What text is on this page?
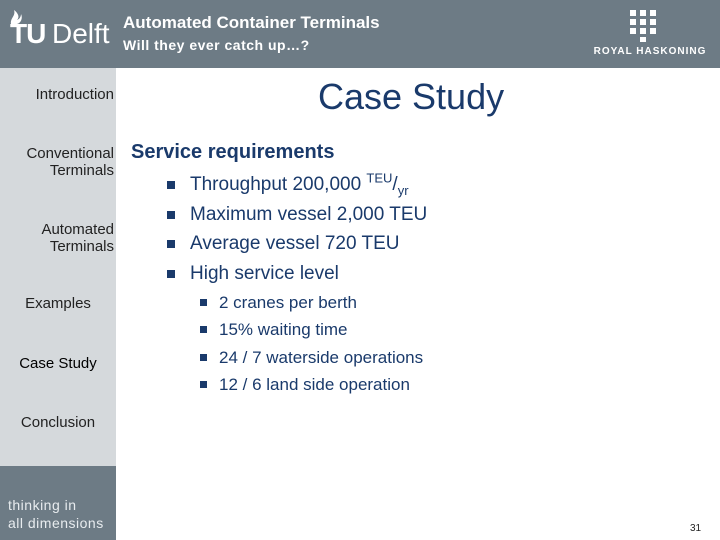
TU Delft Automated Container Terminals
Will they ever catch up…?	ROYAL HASKONING
Introduction
Conventional
Terminals
Automated
Terminals
Examples
Case Study
Conclusion
thinking in
all dimensions
Case Study
Service requirements
Throughput 200,000 $^{TEU}/_{yr}$
Maximum vessel 2,000 TEU
Average vessel 720 TEU
High service level
2 cranes per berth
15% waiting time
24 / 7 waterside operations
12 / 6 land side operation
31
